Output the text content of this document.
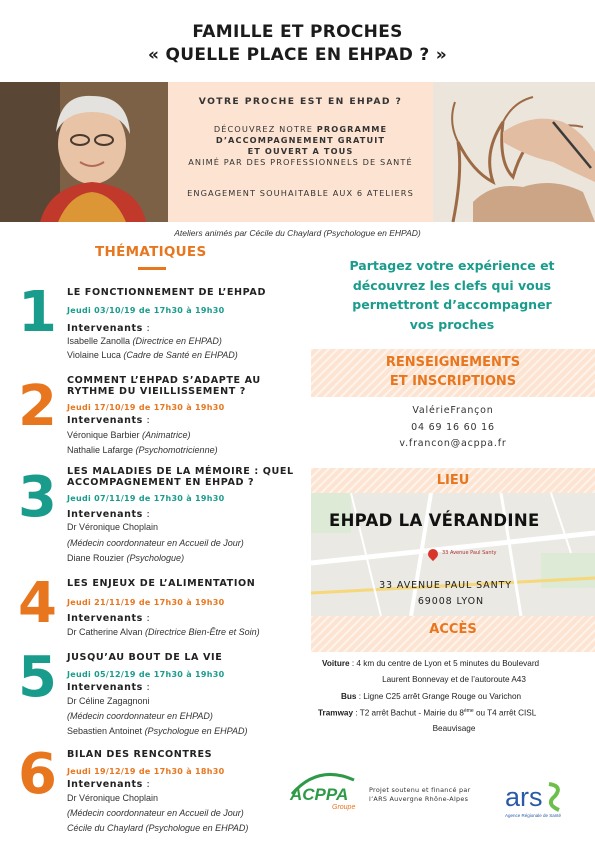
FAMILLE ET PROCHES
« QUELLE PLACE EN EHPAD ? »
VOTRE PROCHE EST EN EHPAD ?
DÉCOUVREZ NOTRE PROGRAMME
D’ACCOMPAGNEMENT GRATUIT
ET OUVERT A TOUS
ANIMÉ PAR DES PROFESSIONNELS DE SANTÉ
ENGAGEMENT SOUHAITABLE AUX 6 ATELIERS
Ateliers animés par Cécile du Chaylard (Psychologue en EHPAD)
THÉMATIQUES
1 LE FONCTIONNEMENT DE L’EHPAD
Jeudi 03/10/19 de 17h30 à 19h30
Intervenants :
Isabelle Zanolla (Directrice en EHPAD)
Violaine Luca (Cadre de Santé en EHPAD)
2 COMMENT L’EHPAD S’ADAPTE AU RYTHME DU VIEILLISSEMENT ?
Jeudi 17/10/19 de 17h30 à 19h30
Intervenants :
Véronique Barbier (Animatrice)
Nathalie Lafarge (Psychomotricienne)
3 LES MALADIES DE LA MÉMOIRE : QUEL ACCOMPAGNEMENT EN EHPAD ?
Jeudi 07/11/19 de 17h30 à 19h30
Intervenants :
Dr Véronique Choplain
(Médecin coordonnateur en Accueil de Jour)
Diane Rouzier (Psychologue)
4 LES ENJEUX DE L’ALIMENTATION
Jeudi 21/11/19 de 17h30 à 19h30
Intervenants :
Dr Catherine Alvan (Directrice Bien-Être et Soin)
5 JUSQU’AU BOUT DE LA VIE
Jeudi 05/12/19 de 17h30 à 19h30
Intervenants :
Dr Céline Zagagnoni
(Médecin coordonnateur en EHPAD)
Sebastien Antoinet (Psychologue en EHPAD)
6 BILAN DES RENCONTRES
Jeudi 19/12/19 de 17h30 à 18h30
Intervenants :
Dr Véronique Choplain
(Médecin coordonnateur en Accueil de Jour)
Cécile du Chaylard (Psychologue en EHPAD)
Partagez votre expérience et
découvrez les clefs qui vous
permettront d’accompagner
vos proches
RENSEIGNEMENTS
ET INSCRIPTIONS
ValérieFrançon
04 69 16 60 16
v.francon@acppa.fr
LIEU
EHPAD LA VÉRANDINE
33 Avenue Paul Santy
33 AVENUE PAUL SANTY
69008 LYON
ACCÈS
Voiture : 4 km du centre de Lyon et 5 minutes du Boulevard
Laurent Bonnevay et de l’autoroute A43
Bus : Ligne C25 arrêt Grange Rouge ou Varichon
Tramway : T2 arrêt Bachut - Mairie du 8ème ou T4 arrêt CISL
Beauvisage
ACPPA
Groupe
Projet soutenu et financé par
l’ARS Auvergne Rhône-Alpes	ars
Agence Régionale de Santé
